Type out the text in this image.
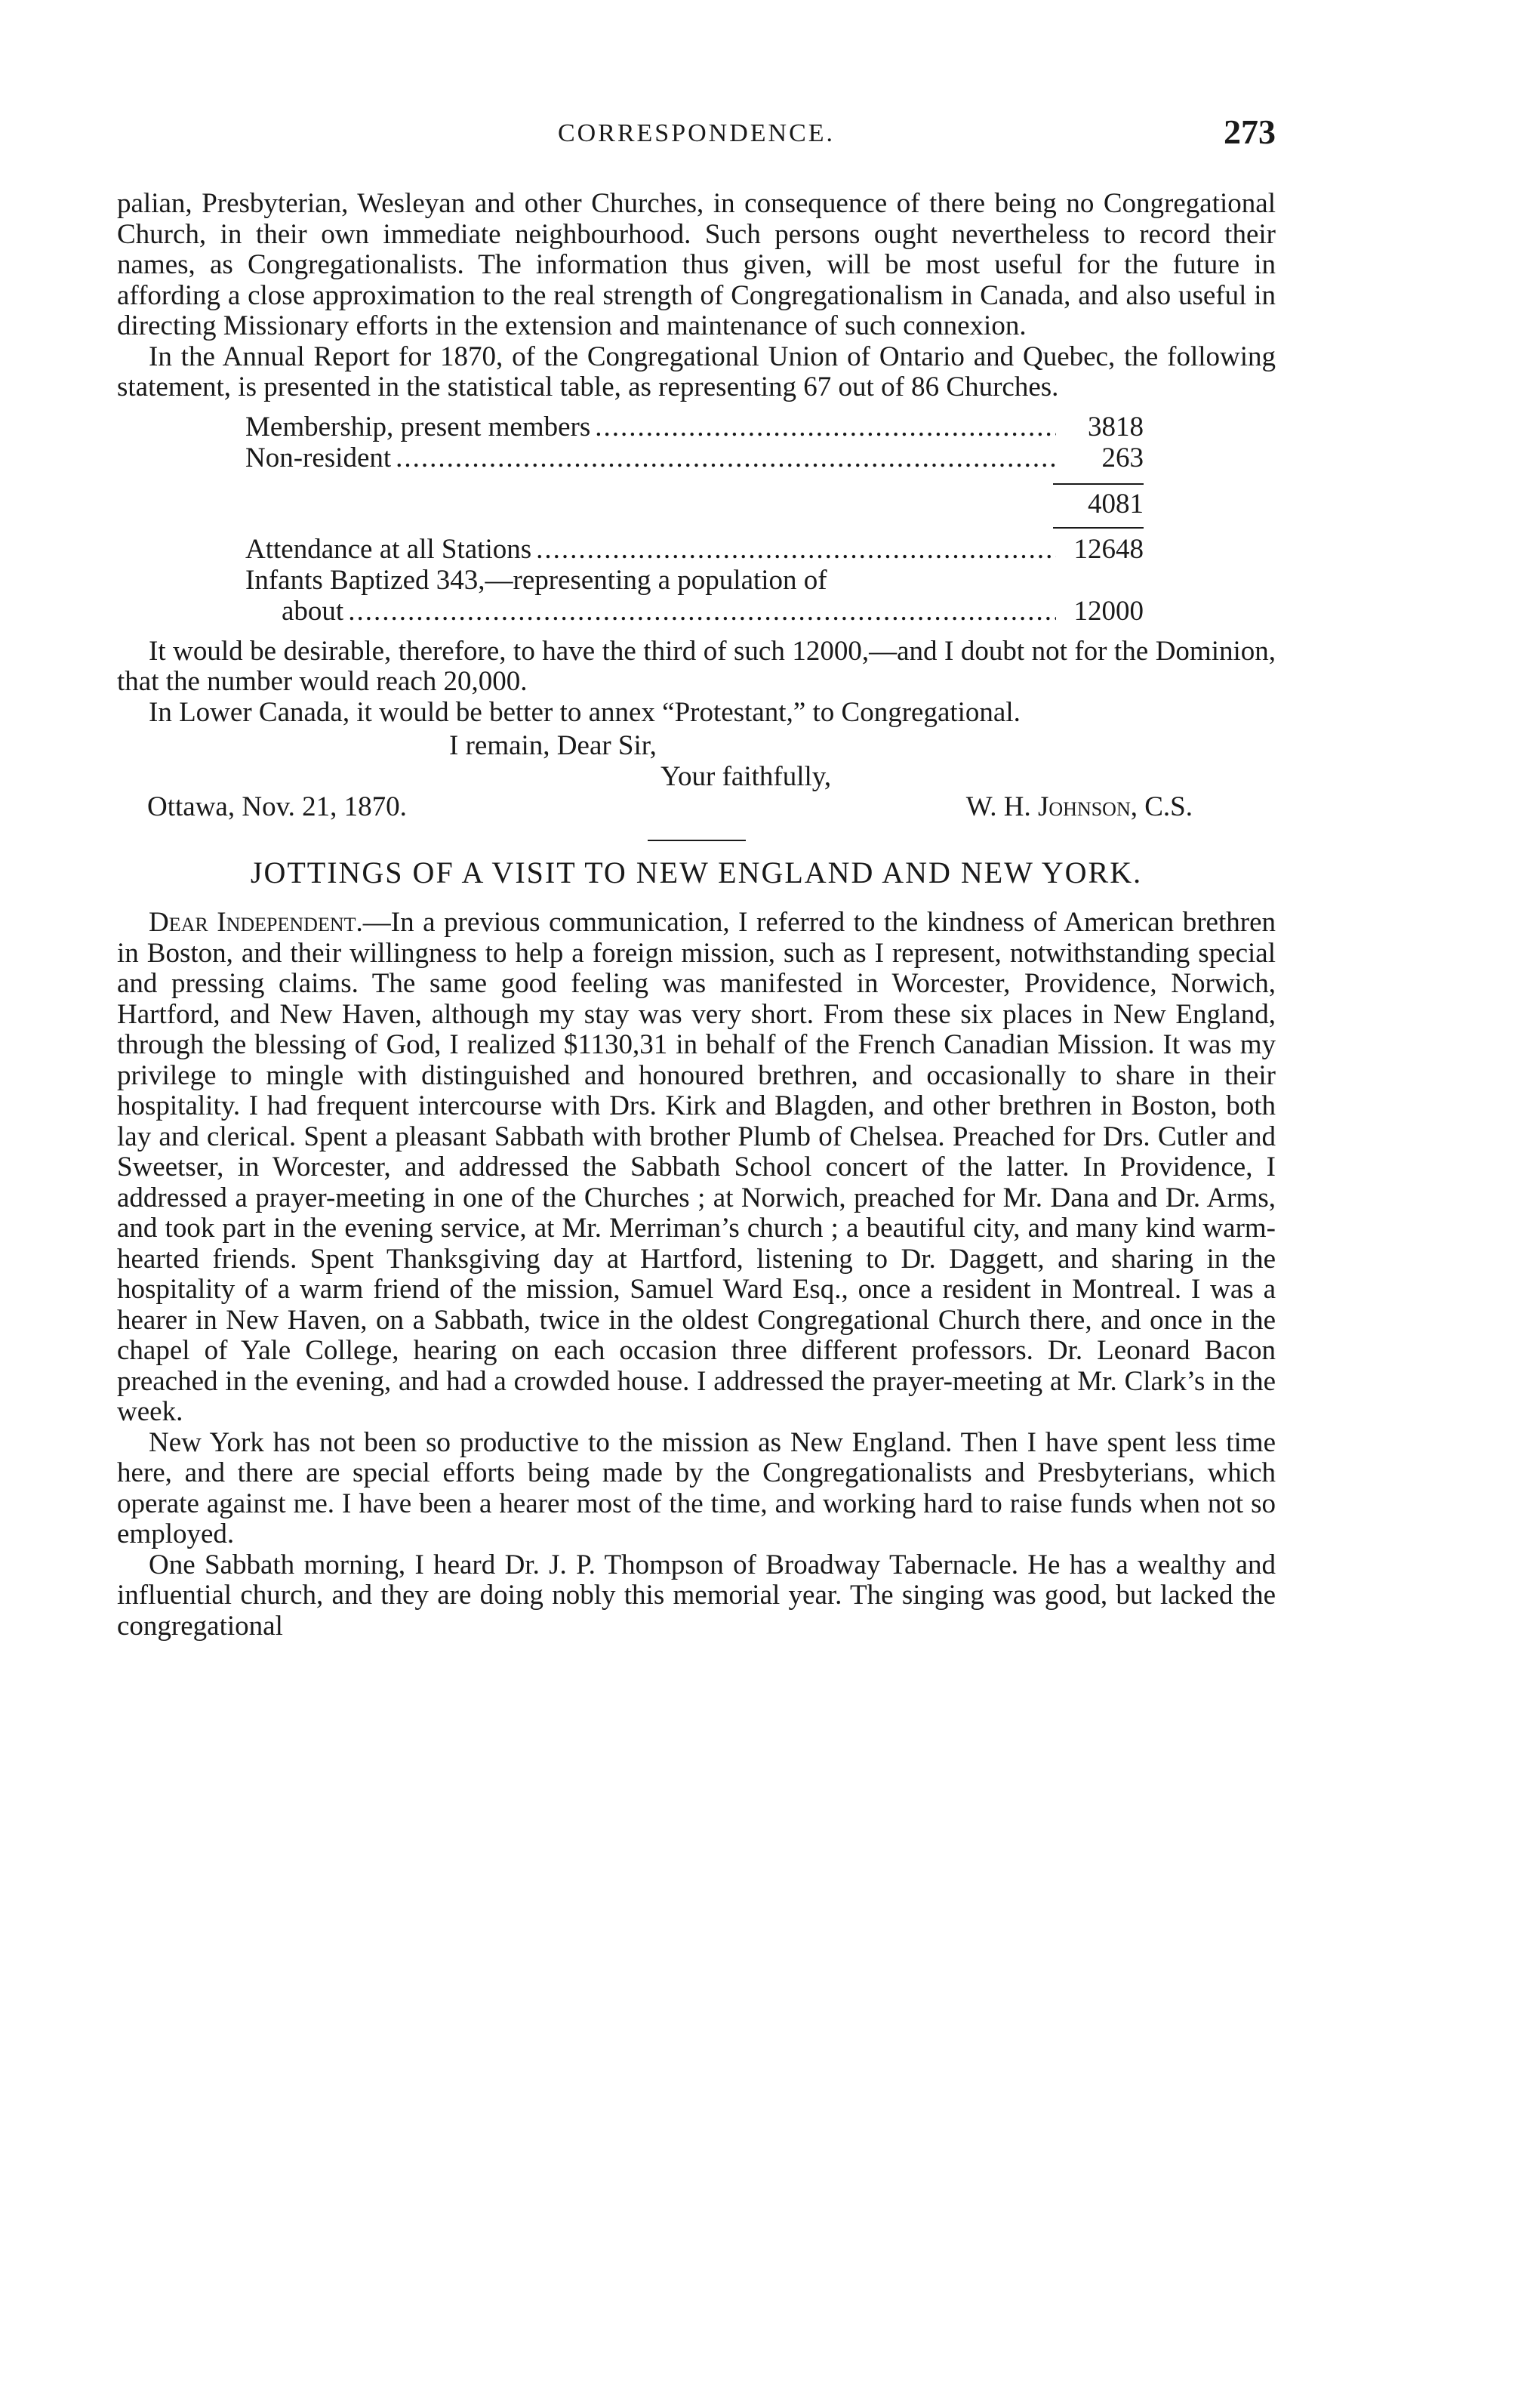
CORRESPONDENCE.	273

palian, Presbyterian, Wesleyan and other Churches, in consequence of there being no Congregational Church, in their own immediate neighbourhood. Such persons ought nevertheless to record their names, as Congregationalists. The information thus given, will be most useful for the future in affording a close approximation to the real strength of Congregationalism in Canada, and also useful in directing Missionary efforts in the extension and maintenance of such connexion.

In the Annual Report for 1870, of the Congregational Union of Ontario and Quebec, the following statement, is presented in the statistical table, as representing 67 out of 86 Churches.

Membership, present members .....	3818
Non-resident .....	263
4081
Attendance at all Stations .....	12648
Infants Baptized 343,—representing a population of
about .....	12000

It would be desirable, therefore, to have the third of such 12000,—and I doubt not for the Dominion, that the number would reach 20,000.

In Lower Canada, it would be better to annex “Protestant,” to Congregational.

I remain, Dear Sir,
Your faithfully,
Ottawa, Nov. 21, 1870.	W. H. Johnson, C.S.
JOTTINGS OF A VISIT TO NEW ENGLAND AND NEW YORK.

Dear Independent.—In a previous communication, I referred to the kindness of American brethren in Boston, and their willingness to help a foreign mission, such as I represent, notwithstanding special and pressing claims. The same good feeling was manifested in Worcester, Providence, Norwich, Hartford, and New Haven, although my stay was very short. From these six places in New England, through the blessing of God, I realized $1130,31 in behalf of the French Canadian Mission. It was my privilege to mingle with distinguished and honoured brethren, and occasionally to share in their hospitality. I had frequent intercourse with Drs. Kirk and Blagden, and other brethren in Boston, both lay and clerical. Spent a pleasant Sabbath with brother Plumb of Chelsea. Preached for Drs. Cutler and Sweetser, in Worcester, and addressed the Sabbath School concert of the latter. In Providence, I addressed a prayer-meeting in one of the Churches ; at Norwich, preached for Mr. Dana and Dr. Arms, and took part in the evening service, at Mr. Merriman’s church ; a beautiful city, and many kind warm-hearted friends. Spent Thanksgiving day at Hartford, listening to Dr. Daggett, and sharing in the hospitality of a warm friend of the mission, Samuel Ward Esq., once a resident in Montreal. I was a hearer in New Haven, on a Sabbath, twice in the oldest Congregational Church there, and once in the chapel of Yale College, hearing on each occasion three different professors. Dr. Leonard Bacon preached in the evening, and had a crowded house. I addressed the prayer-meeting at Mr. Clark’s in the week.

New York has not been so productive to the mission as New England. Then I have spent less time here, and there are special efforts being made by the Congregationalists and Presbyterians, which operate against me. I have been a hearer most of the time, and working hard to raise funds when not so employed.

One Sabbath morning, I heard Dr. J. P. Thompson of Broadway Tabernacle. He has a wealthy and influential church, and they are doing nobly this memorial year. The singing was good, but lacked the congregational
